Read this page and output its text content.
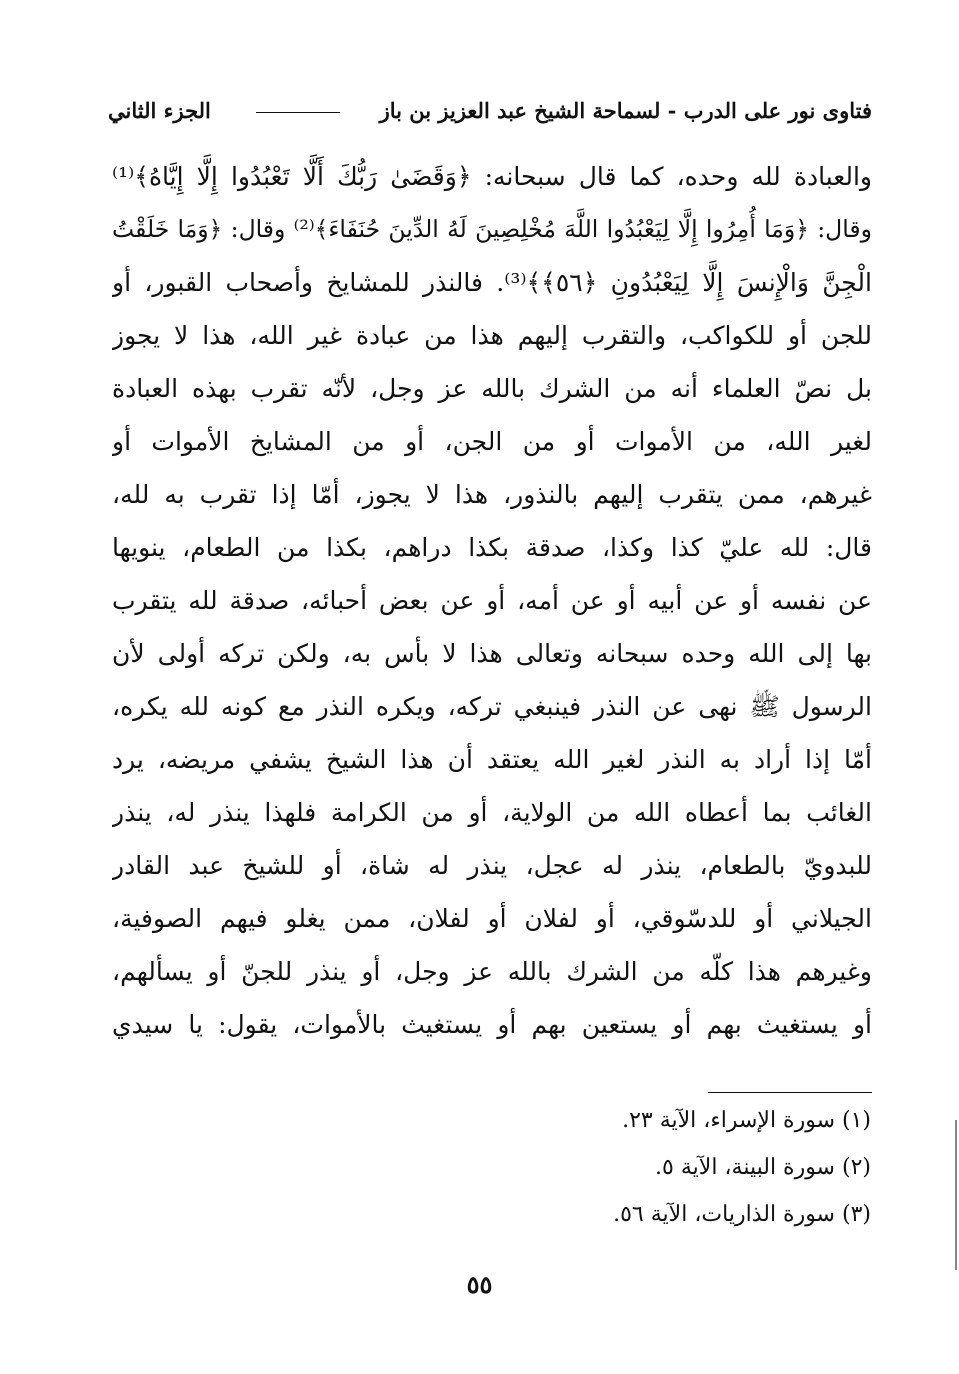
فتاوى نور على الدرب - لسماحة الشيخ عبد العزيز بن باز
الجزء الثاني
والعبادة لله وحده، كما قال سبحانه: ﴿وَقَضَىٰ رَبُّكَ أَلَّا تَعْبُدُوا إِلَّا إِيَّاهُ﴾⁽¹⁾
وقال: ﴿وَمَا أُمِرُوا إِلَّا لِيَعْبُدُوا اللَّهَ مُخْلِصِينَ لَهُ الدِّينَ حُنَفَاءَ﴾⁽²⁾ وقال: ﴿وَمَا خَلَقْتُ
الْجِنَّ وَالْإِنسَ إِلَّا لِيَعْبُدُونِ ﴿٥٦﴾﴾⁽³⁾. فالنذر للمشايخ وأصحاب القبور، أو
للجن أو للكواكب، والتقرب إليهم هذا من عبادة غير الله، هذا لا يجوز
بل نصّ العلماء أنه من الشرك بالله عز وجل، لأنّه تقرب بهذه العبادة
لغير الله، من الأموات أو من الجن، أو من المشايخ الأموات أو
غيرهم، ممن يتقرب إليهم بالنذور، هذا لا يجوز، أمّا إذا تقرب به لله،
قال: لله عليّ كذا وكذا، صدقة بكذا دراهم، بكذا من الطعام، ينويها
عن نفسه أو عن أبيه أو عن أمه، أو عن بعض أحبائه، صدقة لله يتقرب
بها إلى الله وحده سبحانه وتعالى هذا لا بأس به، ولكن تركه أولى لأن
الرسول ﷺ نهى عن النذر فينبغي تركه، ويكره النذر مع كونه لله يكره،
أمّا إذا أراد به النذر لغير الله يعتقد أن هذا الشيخ يشفي مريضه، يرد
الغائب بما أعطاه الله من الولاية، أو من الكرامة فلهذا ينذر له، ينذر
للبدويّ بالطعام، ينذر له عجل، ينذر له شاة، أو للشيخ عبد القادر
الجيلاني أو للدسّوقي، أو لفلان أو لفلان، ممن يغلو فيهم الصوفية،
وغيرهم هذا كلّه من الشرك بالله عز وجل، أو ينذر للجنّ أو يسألهم،
أو يستغيث بهم أو يستعين بهم أو يستغيث بالأموات، يقول: يا سيدي
(١) سورة الإسراء، الآية ٢٣.
(٢) سورة البينة، الآية ٥.
(٣) سورة الذاريات، الآية ٥٦.
٥٥
